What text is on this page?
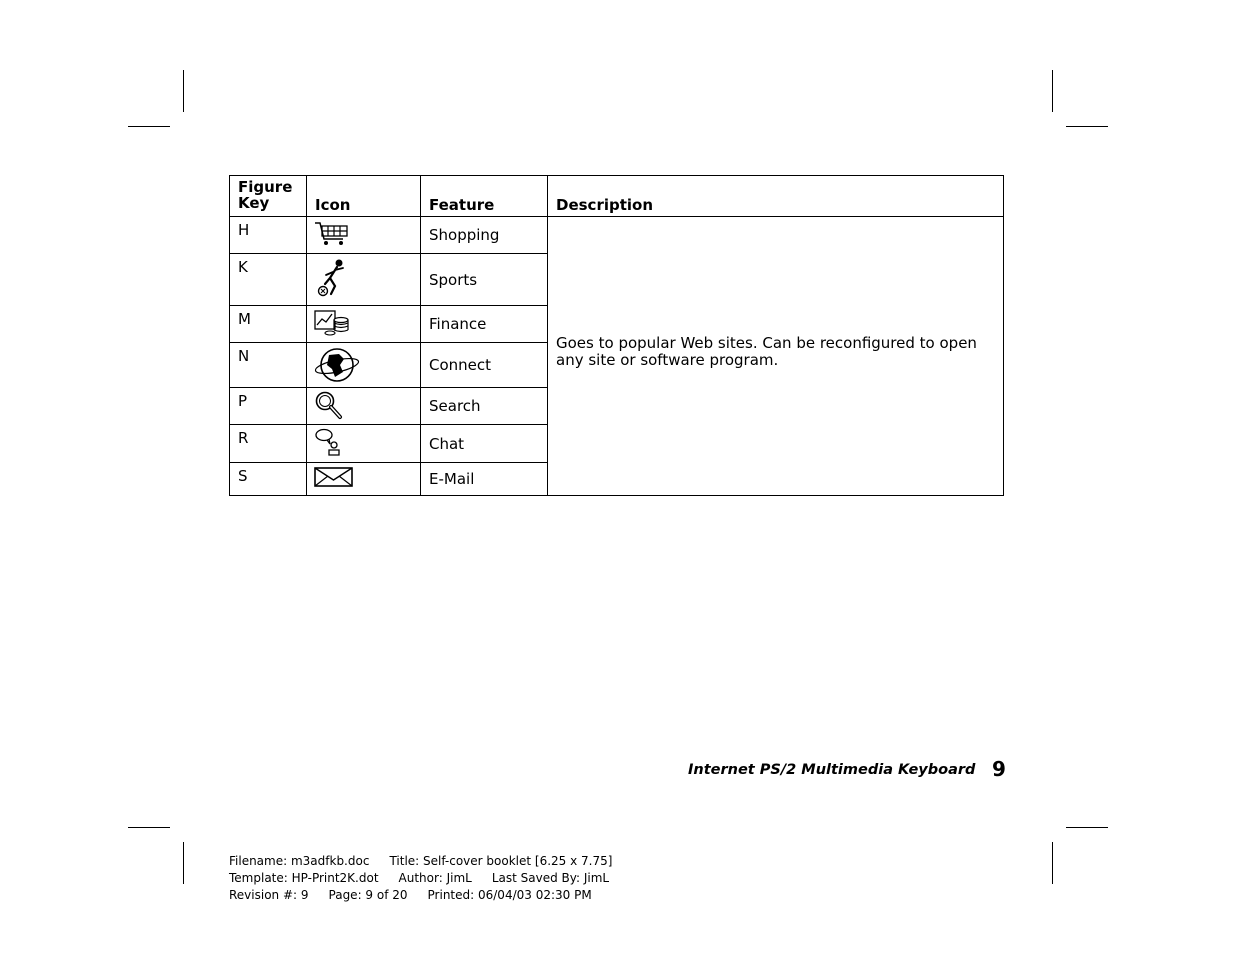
Figure Key	Icon	Feature	Description
H		Shopping	Goes to popular Web sites. Can be reconfigured to open any site or software program.
K		Sports	
M		Finance	
N		Connect	
P		Search	
R		Chat	
S		E-Mail	
Internet PS/2 Multimedia Keyboard 9
Filename: m3adfkb.doc Title: Self-cover booklet [6.25 x 7.75]
Template: HP-Print2K.dot Author: JimL Last Saved By: JimL
Revision #: 9 Page: 9 of 20 Printed: 06/04/03 02:30 PM
